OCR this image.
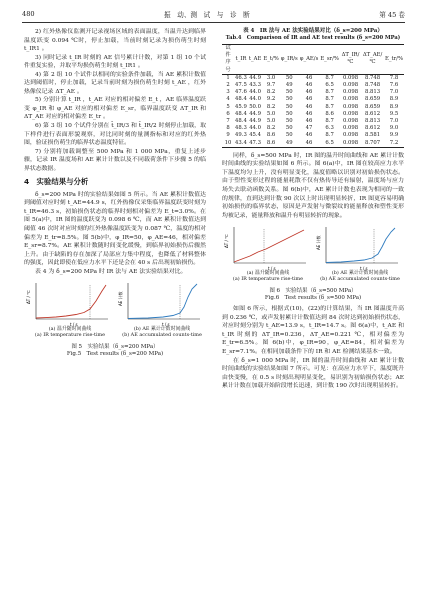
480	振　动、测　试　与　诊　断	第 45 卷

2) 红外热像仪监测开记录视场区域的表面温度，当温升达到临界温度跃变 0.094 ℃时，停止加载，当前时刻记录为损伤萌生时刻 t_IR1 。

3) 同时记录 t_IR 时刻的 AE 信号累计计数，对第 1 组 10 个试件重复实验，并取平均损伤萌生时刻 t_IR1 。

4) 第 2 组 10 个试件以相同的实验条件加载，当 AE 累积计数值达到阈值时，停止加载，记录当前时刻为损伤萌生时刻 t_AE ，红外热像仪记录 ΔT_AE 。

5) 分别计算 t_IR ，t_AE 对应的相对偏差 E_t ，AE 临界温度跃变 φ_IR 和 φ_AE 对应的相对偏差 E_sr，临界温度跃变 ΔT_IR 和 ΔT_AE 对应的相对偏差 E_tr 。

6) 第 3 组 10 个试件分别在 t̄_IR/3 和 t̄_IR/2 时刻停止加载，取下样件进行表面形貌观察，对比同时刻的量测指标和对应的红外热图，验证损伤萌生的临界状态温度特征。

7) 分别将加载调整至 500 MPa 和 1 000 MPa，重复上述步骤，记录 IR 温度场和 AE 累计计数以及不同载荷条件下步骤 5 的临界状态数据。

4　实验结果与分析

δ_s=200 MPa 时的实验结果如图 5 所示。当 AE 累积计数值达到阈值对应时刻 t_AE=44.9 s，红外热像仪采集临界温度跃变时刻为 t_IR=46.3 s，初始损伤状态的临界时刻相对偏差为 E_t=3.0%。在图 5(a)中，IR 图的温度跃变为 0.098 6 ℃，而 AE 累积计数值达到阈值 46 次时对应时刻的红外热像温度跃变为 0.087 ℃，温度的相对偏差为 E_tr=8.5%。图 5(b)中，φ_IR=50，φ_AE=46，相对偏差 E_sr=8.7%。AE 累积计数随时间变化缓慢，到临界初始损伤后骤然上升。由于缺陷的存在加深了局部应力集中程度，也降低了材料整体的强度，因此即使在低应力水平下还是会在 40 s 后出现初始损伤。

表 4 为 δ_s=200 MPa 时 IR 法与 AE 法实验结果对比。

ΔT / ℃
t / s
AE 计数
t / s
(a) 温升随时间曲线
(a) IR temperature rise-time
(b) AE 累计计数时间曲线
(b) AE accumulated counts-time
图 5　实验结果（δ_s=200 MPa）
Fig.5　Test results (δ_s=200 MPa)
表 4　IR 法与 AE 法实验结果对比（δ_s=200 MPa）
Tab.4　Comparison of IR and AE test results (δ_s=200 MPa)
试件序号	t_IR	t_AE	E_t/%	φ_IR/s	φ_AE/s	E_sr/%	ΔT_IR/℃	ΔT_AE/℃	E_tr/%
1	46.3	44.9	3.0	50	46	8.7	0.098	8.748	7.8
2	47.5	43.3	9.7	49	46	6.5	0.098	8.748	7.6
3	47.6	44.0	8.2	50	46	8.7	0.098	8.813	7.0
4	48.4	44.0	9.2	50	46	8.7	0.098	8.659	8.9
5	45.9	50.0	8.2	50	46	8.7	0.098	8.659	8.9
6	48.4	44.9	5.0	50	46	8.6	0.098	8.612	9.5
7	48.4	44.9	5.0	50	46	8.7	0.098	8.813	7.0
8	48.3	44.0	8.2	50	47	6.3	0.098	8.612	9.0
9	49.3	45.4	8.6	50	46	8.7	0.098	8.581	9.9
10	43.4	47.3	8.6	49	46	6.5	0.098	8.707	7.2

同样，δ_s=500 MPa 时，IR 图的温升时间曲线和 AE 累计计数时间曲线的实验结果如图 6 所示。图 6(a)中，IR 图在较高应力水平下温度均匀上升，没有明显变化，温度值略以识别对初始损伤状态。由于塑性变形过程的能量耗散不仅有热传导还有辐射，温度场与应力场失去联动函数关系。图 6(b)中，AE 累计计数也表现为相同的一致的规律，直到达到计数 90 次以上时出现明显转折，IR 图更容易明确初始损伤的临界状态，原因是声发射与微裂纹的能量释放和塑性变形均被记录，能量释放和温升有明显转折的现象。

ΔT / ℃
t / s
AE 计数
t / s
(a) 温升随时间曲线
(a) IR temperature rise-time
(b) AE 累计计数时间曲线
(b) AE accumulated counts-time
图 6　实验结果（δ_s=500 MPa）
Fig.6　Test results (δ_s=500 MPa)

如图 6 所示，根据式(10)，(22)的计算结果，当 IR 图温度升高到 0.236 ℃，或声发射累计计数值达到 84 次时达到初始损伤状态，对应时刻分别为 t_AE=13.9 s，t_IR=14.7 s。图 6(a)中，t_AE 和 t_IR 时刻的 ΔT_IR=0.236，ΔT_AE=0.221 ℃，相对偏差为 E_tr=6.5%。图 6(b)中，φ_IR=90，φ_AE=84，相对偏差为 E_sr=7.1%。在相同加载条件下的 IR 和 AE 检测结果基本一致。

在 δ_s=1 000 MPa 时，IR 图的温升时间曲线和 AE 累计计数时间曲线的实验结果如图 7 所示。可见：在高应力水平下，温度既升由快变慢，在 0.5 s 时刻出现明显变化，易识别为初始损伤状态；AE 累计计数在加载开始阶段增长迅速，到计数 190 次时出现明显转折。
